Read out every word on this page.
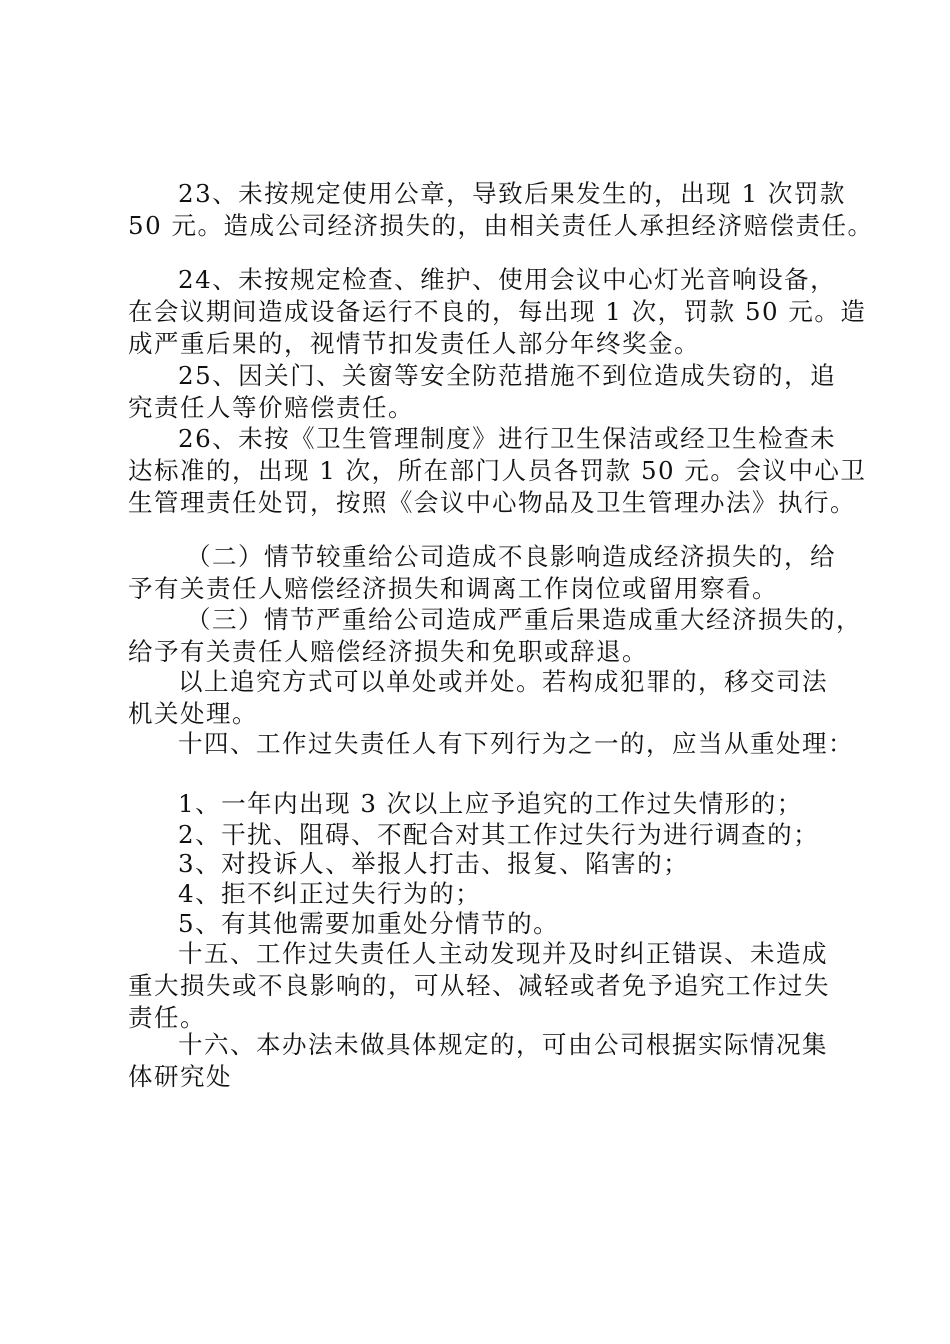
23、未按规定使用公章，导致后果发生的，出现 1 次罚款
50 元。造成公司经济损失的，由相关责任人承担经济赔偿责任。

24、未按规定检查、维护、使用会议中心灯光音响设备，
在会议期间造成设备运行不良的，每出现 1 次，罚款 50 元。造
成严重后果的，视情节扣发责任人部分年终奖金。

25、因关门、关窗等安全防范措施不到位造成失窃的，追
究责任人等价赔偿责任。

26、未按《卫生管理制度》进行卫生保洁或经卫生检查未
达标准的，出现 1 次，所在部门人员各罚款 50 元。会议中心卫
生管理责任处罚，按照《会议中心物品及卫生管理办法》执行。

（二）情节较重给公司造成不良影响造成经济损失的，给
予有关责任人赔偿经济损失和调离工作岗位或留用察看。

（三）情节严重给公司造成严重后果造成重大经济损失的，
给予有关责任人赔偿经济损失和免职或辞退。

以上追究方式可以单处或并处。若构成犯罪的，移交司法
机关处理。

十四、工作过失责任人有下列行为之一的，应当从重处理：

1、一年内出现 3 次以上应予追究的工作过失情形的；

2、干扰、阻碍、不配合对其工作过失行为进行调查的；

3、对投诉人、举报人打击、报复、陷害的；

4、拒不纠正过失行为的；

5、有其他需要加重处分情节的。

十五、工作过失责任人主动发现并及时纠正错误、未造成
重大损失或不良影响的，可从轻、减轻或者免予追究工作过失
责任。

十六、本办法未做具体规定的，可由公司根据实际情况集
体研究处
